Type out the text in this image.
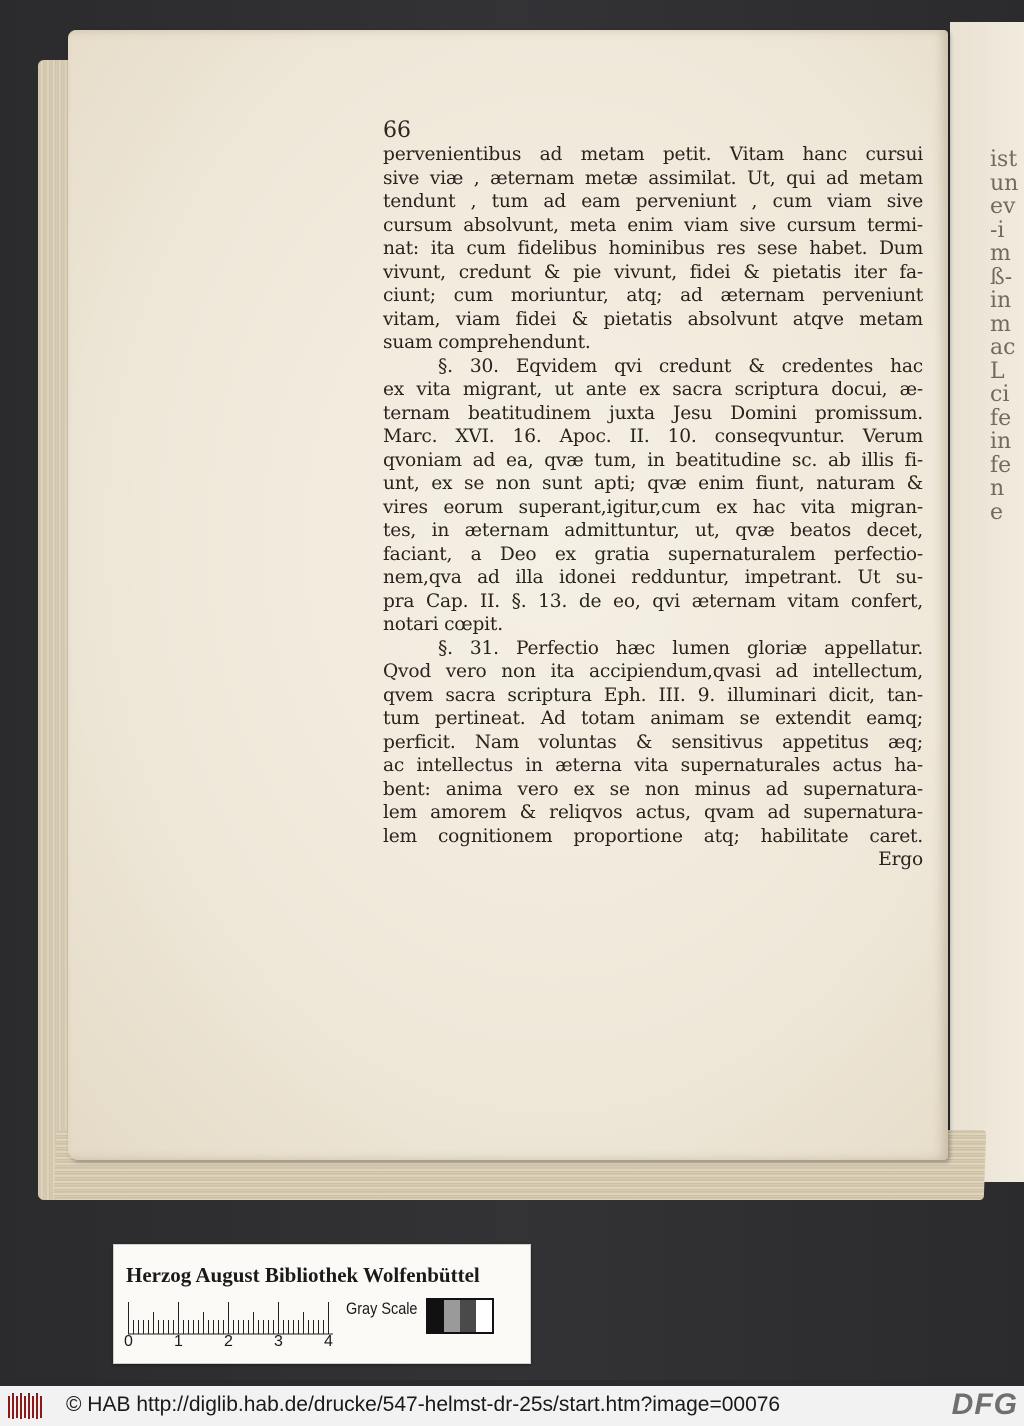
ist
un
ev
-i
m
ß-
in
m
ac
L
ci
fe
in
fe
n
e
66
pervenientibus ad metam petit. Vitam hanc cursui
sive viæ , æternam metæ assimilat. Ut, qui ad metam
tendunt , tum ad eam perveniunt , cum viam sive
cursum absolvunt, meta enim viam sive cursum termi-
nat: ita cum fidelibus hominibus res sese habet. Dum
vivunt, credunt & pie vivunt, fidei & pietatis iter fa-
ciunt; cum moriuntur, atq; ad æternam perveniunt
vitam, viam fidei & pietatis absolvunt atqve metam
suam comprehendunt.
§. 30. Eqvidem qvi credunt & credentes hac
ex vita migrant, ut ante ex sacra scriptura docui, æ-
ternam beatitudinem juxta Jesu Domini promissum.
Marc. XVI. 16. Apoc. II. 10. conseqvuntur. Verum
qvoniam ad ea, qvæ tum, in beatitudine sc. ab illis fi-
unt, ex se non sunt apti; qvæ enim fiunt, naturam &
vires eorum superant,igitur,cum ex hac vita migran-
tes, in æternam admittuntur, ut, qvæ beatos decet,
faciant, a Deo ex gratia supernaturalem perfectio-
nem,qva ad illa idonei redduntur, impetrant. Ut su-
pra Cap. II. §. 13. de eo, qvi æternam vitam confert,
notari cœpit.
§. 31. Perfectio hæc lumen gloriæ appellatur.
Qvod vero non ita accipiendum,qvasi ad intellectum,
qvem sacra scriptura Eph. III. 9. illuminari dicit, tan-
tum pertineat. Ad totam animam se extendit eamq;
perficit. Nam voluntas & sensitivus appetitus æq;
ac intellectus in æterna vita supernaturales actus ha-
bent: anima vero ex se non minus ad supernatura-
lem amorem & reliqvos actus, qvam ad supernatura-
lem cognitionem proportione atq; habilitate caret.
Ergo
Herzog August Bibliothek Wolfenbüttel
0	1	2	3	4
Gray Scale
© HAB http://diglib.hab.de/drucke/547-helmst-dr-25s/start.htm?image=00076	DFG
